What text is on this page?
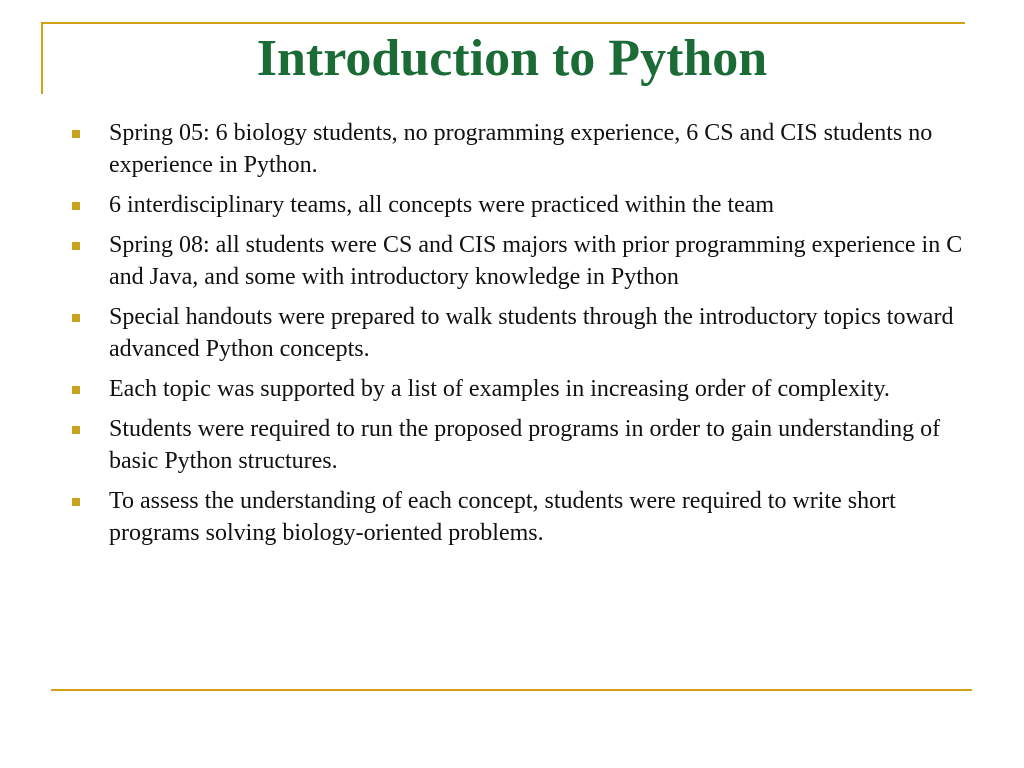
Introduction to Python
Spring 05: 6 biology students, no programming experience, 6 CS and CIS students no experience in Python.
6 interdisciplinary teams, all concepts were practiced within the team
Spring 08: all students were CS and CIS majors with prior programming experience in C and Java, and some with introductory knowledge in Python
Special handouts were prepared to walk students through the introductory topics toward advanced Python concepts.
Each topic was supported by a list of examples in increasing order of complexity.
Students were required to run the proposed programs in order to gain understanding of basic Python structures.
To assess the understanding of each concept, students were required to write short programs solving biology-oriented problems.
